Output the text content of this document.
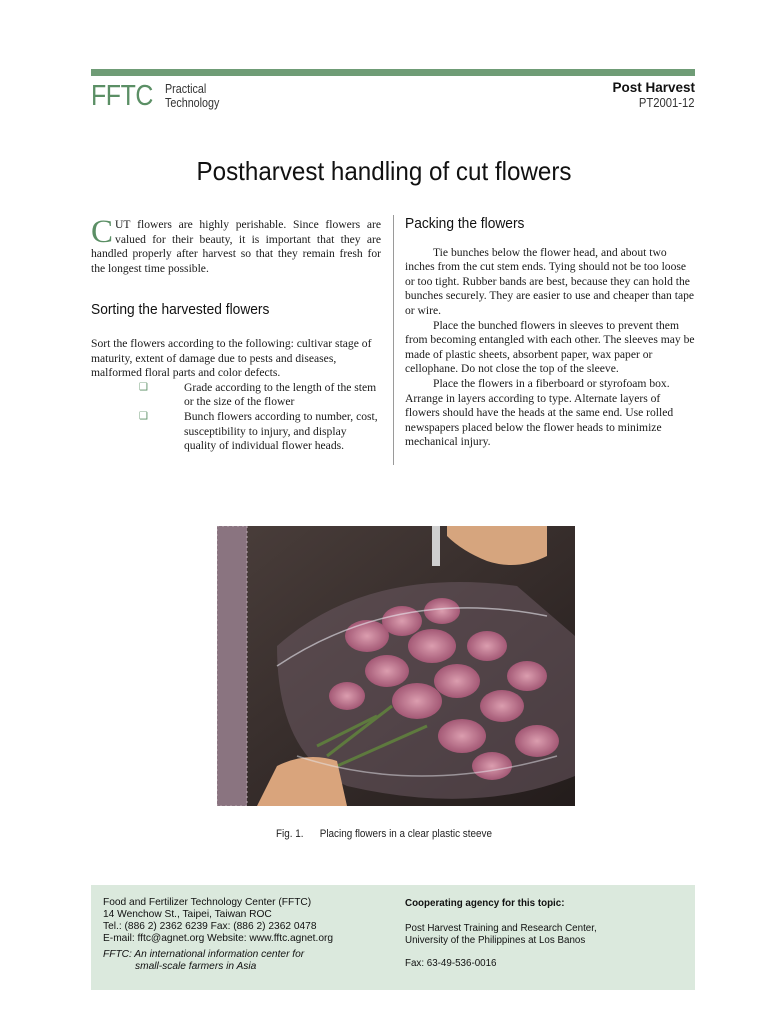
FFTC Practical
Technology
Post Harvest
PT2001-12
Postharvest handling of cut flowers

CUT flowers are highly perishable. Since flowers are valued for their beauty, it is important that they are handled properly after harvest so that they remain fresh for the longest time possible.

Sorting the harvested flowers

Sort the flowers according to the following: cultivar stage of maturity, extent of damage due to pests and diseases, malformed floral parts and color defects.

❑	Grade according to the length of the stem or the size of the flower
❑	Bunch flowers according to number, cost, susceptibility to injury, and display quality of individual flower heads.
Packing the flowers

Tie bunches below the flower head, and about two inches from the cut stem ends. Tying should not be too loose or too tight. Rubber bands are best, because they can hold the bunches securely. They are easier to use and cheaper than tape or wire.

Place the bunched flowers in sleeves to prevent them from becoming entangled with each other. The sleeves may be made of plastic sheets, absorbent paper, wax paper or cellophane. Do not close the top of the sleeve.

Place the flowers in a fiberboard or styrofoam box. Arrange in layers according to type. Alternate layers of flowers should have the heads at the same end. Use rolled newspapers placed below the flower heads to minimize mechanical injury.

Fig. 1. Placing flowers in a clear plastic steeve
Food and Fertilizer Technology Center (FFTC)
14 Wenchow St., Taipei, Taiwan ROC
Tel.: (886 2) 2362 6239 Fax: (886 2) 2362 0478
E-mail: fftc@agnet.org Website: www.fftc.agnet.org
FFTC: An international information center for
small-scale farmers in Asia
Cooperating agency for this topic:
Post Harvest Training and Research Center,
University of the Philippines at Los Banos
Fax: 63-49-536-0016
